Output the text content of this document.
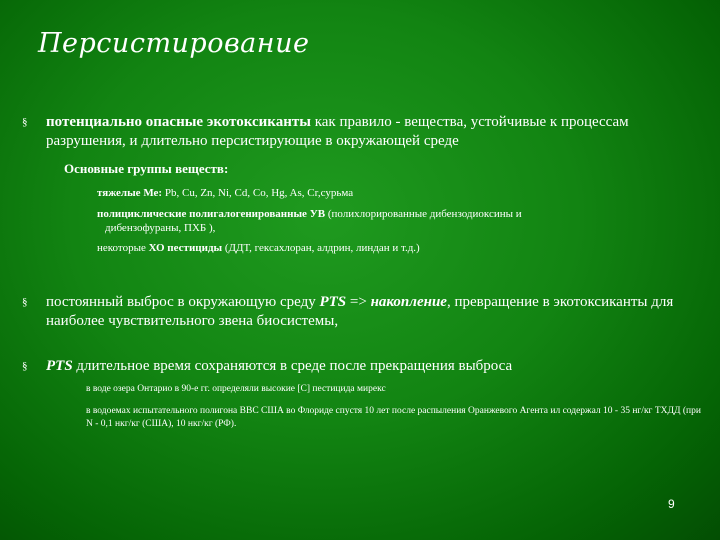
Персистирование
§	потенциально опасные экотоксиканты как правило - вещества, устойчивые к процессам разрушения, и длительно персистирующие в окружающей среде
Основные группы веществ:
тяжелые Ме: Pb, Cu, Zn, Ni, Cd, Co, Hg, As, Cr,сурьма
полициклические полигалогенированные УВ (полихлорированные дибензодиоксины и
дибензофураны, ПХБ ),
некоторые ХО пестициды (ДДТ, гексахлоран, алдрин, линдан и т.д.)
§	постоянный выброс в окружающую среду PTS => накопление, превращение в экотоксиканты для наиболее чувствительного звена биосистемы,
§	PTS длительное время сохраняются в среде после прекращения выброса
в воде озера Онтарио в 90-е гг. определяли высокие [С] пестицида мирекс
в водоемах испытательного полигона ВВС США во Флориде спустя 10 лет после распыления Оранжевого Агента ил содержал 10 - 35 нг/кг ТХДД (при N - 0,1 нкг/кг (США), 10 нкг/кг (РФ).
9
